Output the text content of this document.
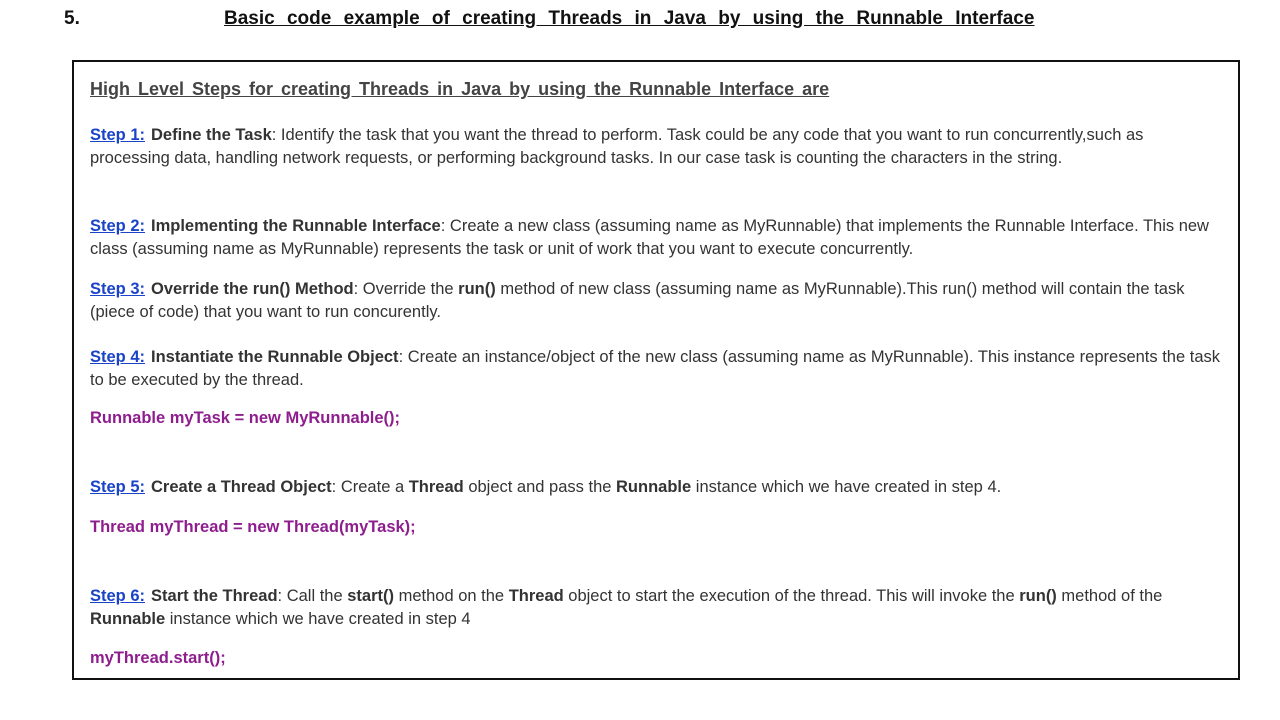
5.	Basic code example of creating Threads in Java by using the Runnable Interface
High Level Steps for creating Threads in Java by using the Runnable Interface are
Step 1: Define the Task: Identify the task that you want the thread to perform. Task could be any code that you want to run concurrently,such as processing data, handling network requests, or performing background tasks. In our case task is counting the characters in the string.
Step 2: Implementing the Runnable Interface: Create a new class (assuming name as MyRunnable) that implements the Runnable Interface. This new class (assuming name as MyRunnable) represents the task or unit of work that you want to execute concurrently.
Step 3: Override the run() Method: Override the run() method of new class (assuming name as MyRunnable).This run() method will contain the task (piece of code) that you want to run concurently.
Step 4: Instantiate the Runnable Object: Create an instance/object of the new class (assuming name as MyRunnable). This instance represents the task to be executed by the thread.
Runnable myTask = new MyRunnable();
Step 5: Create a Thread Object: Create a Thread object and pass the Runnable instance which we have created in step 4.
Thread myThread = new Thread(myTask);
Step 6: Start the Thread: Call the start() method on the Thread object to start the execution of the thread. This will invoke the run() method of the Runnable instance which we have created in step 4
myThread.start();
